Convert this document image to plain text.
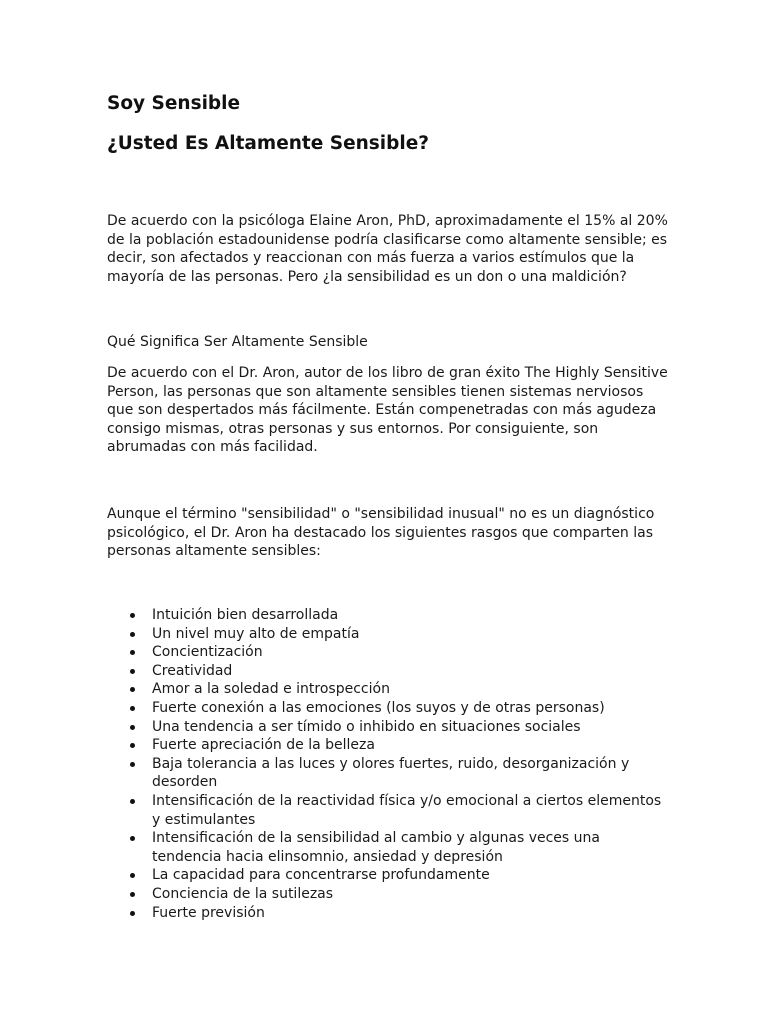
Soy Sensible
¿Usted Es Altamente Sensible?

De acuerdo con la psicóloga Elaine Aron, PhD, aproximadamente el 15% al 20%
de la población estadounidense podría clasificarse como altamente sensible; es
decir, son afectados y reaccionan con más fuerza a varios estímulos que la
mayoría de las personas. Pero ¿la sensibilidad es un don o una maldición?

Qué Significa Ser Altamente Sensible

De acuerdo con el Dr. Aron, autor de los libro de gran éxito The Highly Sensitive
Person, las personas que son altamente sensibles tienen sistemas nerviosos
que son despertados más fácilmente. Están compenetradas con más agudeza
consigo mismas, otras personas y sus entornos. Por consiguiente, son
abrumadas con más facilidad.

Aunque el término "sensibilidad" o "sensibilidad inusual" no es un diagnóstico
psicológico, el Dr. Aron ha destacado los siguientes rasgos que comparten las
personas altamente sensibles:

Intuición bien desarrollada
Un nivel muy alto de empatía
Concientización
Creatividad
Amor a la soledad e introspección
Fuerte conexión a las emociones (los suyos y de otras personas)
Una tendencia a ser tímido o inhibido en situaciones sociales
Fuerte apreciación de la belleza
Baja tolerancia a las luces y olores fuertes, ruido, desorganización y
desorden
Intensificación de la reactividad física y/o emocional a ciertos elementos
y estimulantes
Intensificación de la sensibilidad al cambio y algunas veces una
tendencia hacia elinsomnio, ansiedad y depresión
La capacidad para concentrarse profundamente
Conciencia de la sutilezas
Fuerte previsión
